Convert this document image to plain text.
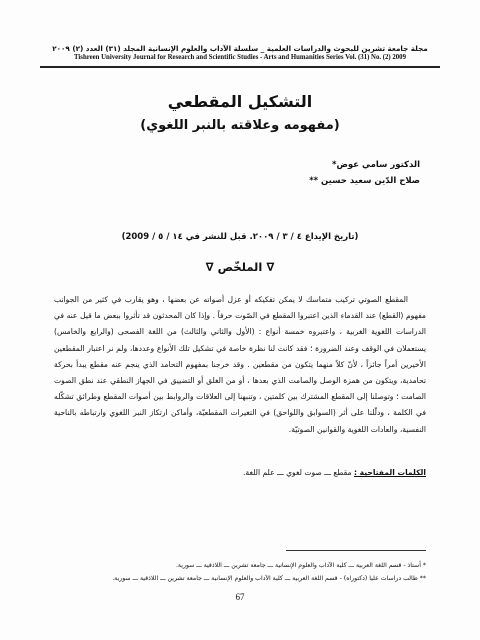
مجلة جامعة تشرين للبحوث والدراسات العلمية _ سلسلة الآداب والعلوم الإنسانية المجلد (٣١) العدد (٢) ٢٠٠٩
Tishreen University Journal for Research and Scientific Studies - Arts and Humanities Series Vol. (31) No. (2) 2009
التشكيل المقطعي
(مفهومه وعلاقته بالنبر اللغوي)
الدكتور سامي عوض*
صلاح الدّين سعيد حسين **
(تاريخ الإيداع ٤ / ٣ / ٢٠٠٩. قبل للنشر في ١٤ / ٥ / 2009)
∇ الملخّص ∇

المقطع الصوتي تركيب متماسك لا يمكن تفكيكه أو عزل أصواته عن بعضها ، وهو يقارب في كثير من الجوانب مفهوم (القطع) عند القدماء الذين اعتبروا المقطع في الصّوت حرفاً . وإذا كان المحدثون قد تأثروا ببعض ما قيل عنه في الدراسات اللغوية الغربية ، واعتبروه خمسة أنواع : (الأول والثاني والثالث) من اللغة الفصحى (والرابع والخامس) يستعملان في الوقف وعند الضرورة ؛ فقد كانت لنا نظرة خاصة في تشكيل تلك الأنواع وعددها، ولم نر اعتبار المقطعين الأخيرين أمراً جائزاً ، لأنّ كلاً منهما يتكون من مقطعين . وقد خرجنا بمفهوم التحامد الذي ينجم عنه مقطع يبدأ بحركة تحامدية، ويتكون من همزة الوصل والصامت الذي بعدها ، أو من الغلق أو التضييق في الجهاز النطقي عند نطق الصوت الصامت ؛ وتوصلنا إلى المقطع المشترك بين كلمتين ، وتنبهنا إلى العلاقات والروابط بين أصوات المقطع وطرائق تشكّله في الكلمة ، ودلّلنا على أثر (السوابق واللواحق) في التغيرات المقطعيّة، وأماكن ارتكاز النبر اللغوي وارتباطه بالناحية النفسية، والعادات اللغوية والقوانين الصوتيّة.

الكلمات المفتاحية : مقطع ـــ صوت لغوي ـــ علم اللغة.
* أستاذ - قسم اللغة العربية ـــ كلية الآداب والعلوم الإنسانية ـــ جامعة تشرين ـــ اللاذقية ـــ سورية.
** طالب دراسات عليا (دكتوراه) - قسم اللغة العربية ـــ كلية الآداب والعلوم الإنسانية ـــ جامعة تشرين ـــ اللاذقية ـــ سورية.
67
